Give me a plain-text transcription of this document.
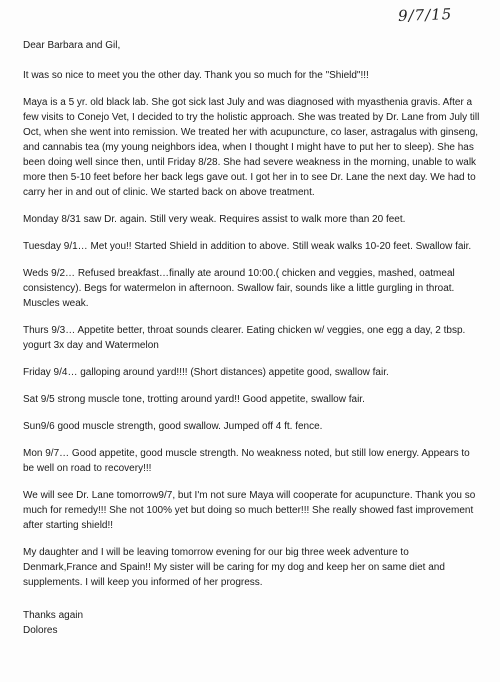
9/7/15

Dear Barbara and Gil,

It was so nice to meet you the other day. Thank you so much for the "Shield"!!!

Maya is a 5 yr. old black lab. She got sick last July and was diagnosed with myasthenia gravis. After a few visits to Conejo Vet, I decided to try the holistic approach. She was treated by Dr. Lane from July till Oct, when she went into remission. We treated her with acupuncture, co laser, astragalus with ginseng, and cannabis tea (my young neighbors idea, when I thought I might have to put her to sleep). She has been doing well since then, until Friday 8/28. She had severe weakness in the morning, unable to walk more then 5-10 feet before her back legs gave out. I got her in to see Dr. Lane the next day. We had to carry her in and out of clinic. We started back on above treatment.

Monday 8/31 saw Dr. again. Still very weak. Requires assist to walk more than 20 feet.

Tuesday 9/1… Met you!! Started Shield in addition to above. Still weak walks 10-20 feet. Swallow fair.

Weds 9/2… Refused breakfast…finally ate around 10:00.( chicken and veggies, mashed, oatmeal consistency). Begs for watermelon in afternoon. Swallow fair, sounds like a little gurgling in throat. Muscles weak.

Thurs 9/3… Appetite better, throat sounds clearer. Eating chicken w/ veggies, one egg a day, 2 tbsp. yogurt 3x day and Watermelon

Friday 9/4… galloping around yard!!!! (Short distances) appetite good, swallow fair.

Sat 9/5 strong muscle tone, trotting around yard!! Good appetite, swallow fair.

Sun9/6 good muscle strength, good swallow. Jumped off 4 ft. fence.

Mon 9/7… Good appetite, good muscle strength. No weakness noted, but still low energy. Appears to be well on road to recovery!!!

We will see Dr. Lane tomorrow9/7, but I'm not sure Maya will cooperate for acupuncture. Thank you so much for remedy!!! She not 100% yet but doing so much better!!! She really showed fast improvement after starting shield!!

My daughter and I will be leaving tomorrow evening for our big three week adventure to Denmark,France and Spain!! My sister will be caring for my dog and keep her on same diet and supplements. I will keep you informed of her progress.

Thanks again
Dolores
